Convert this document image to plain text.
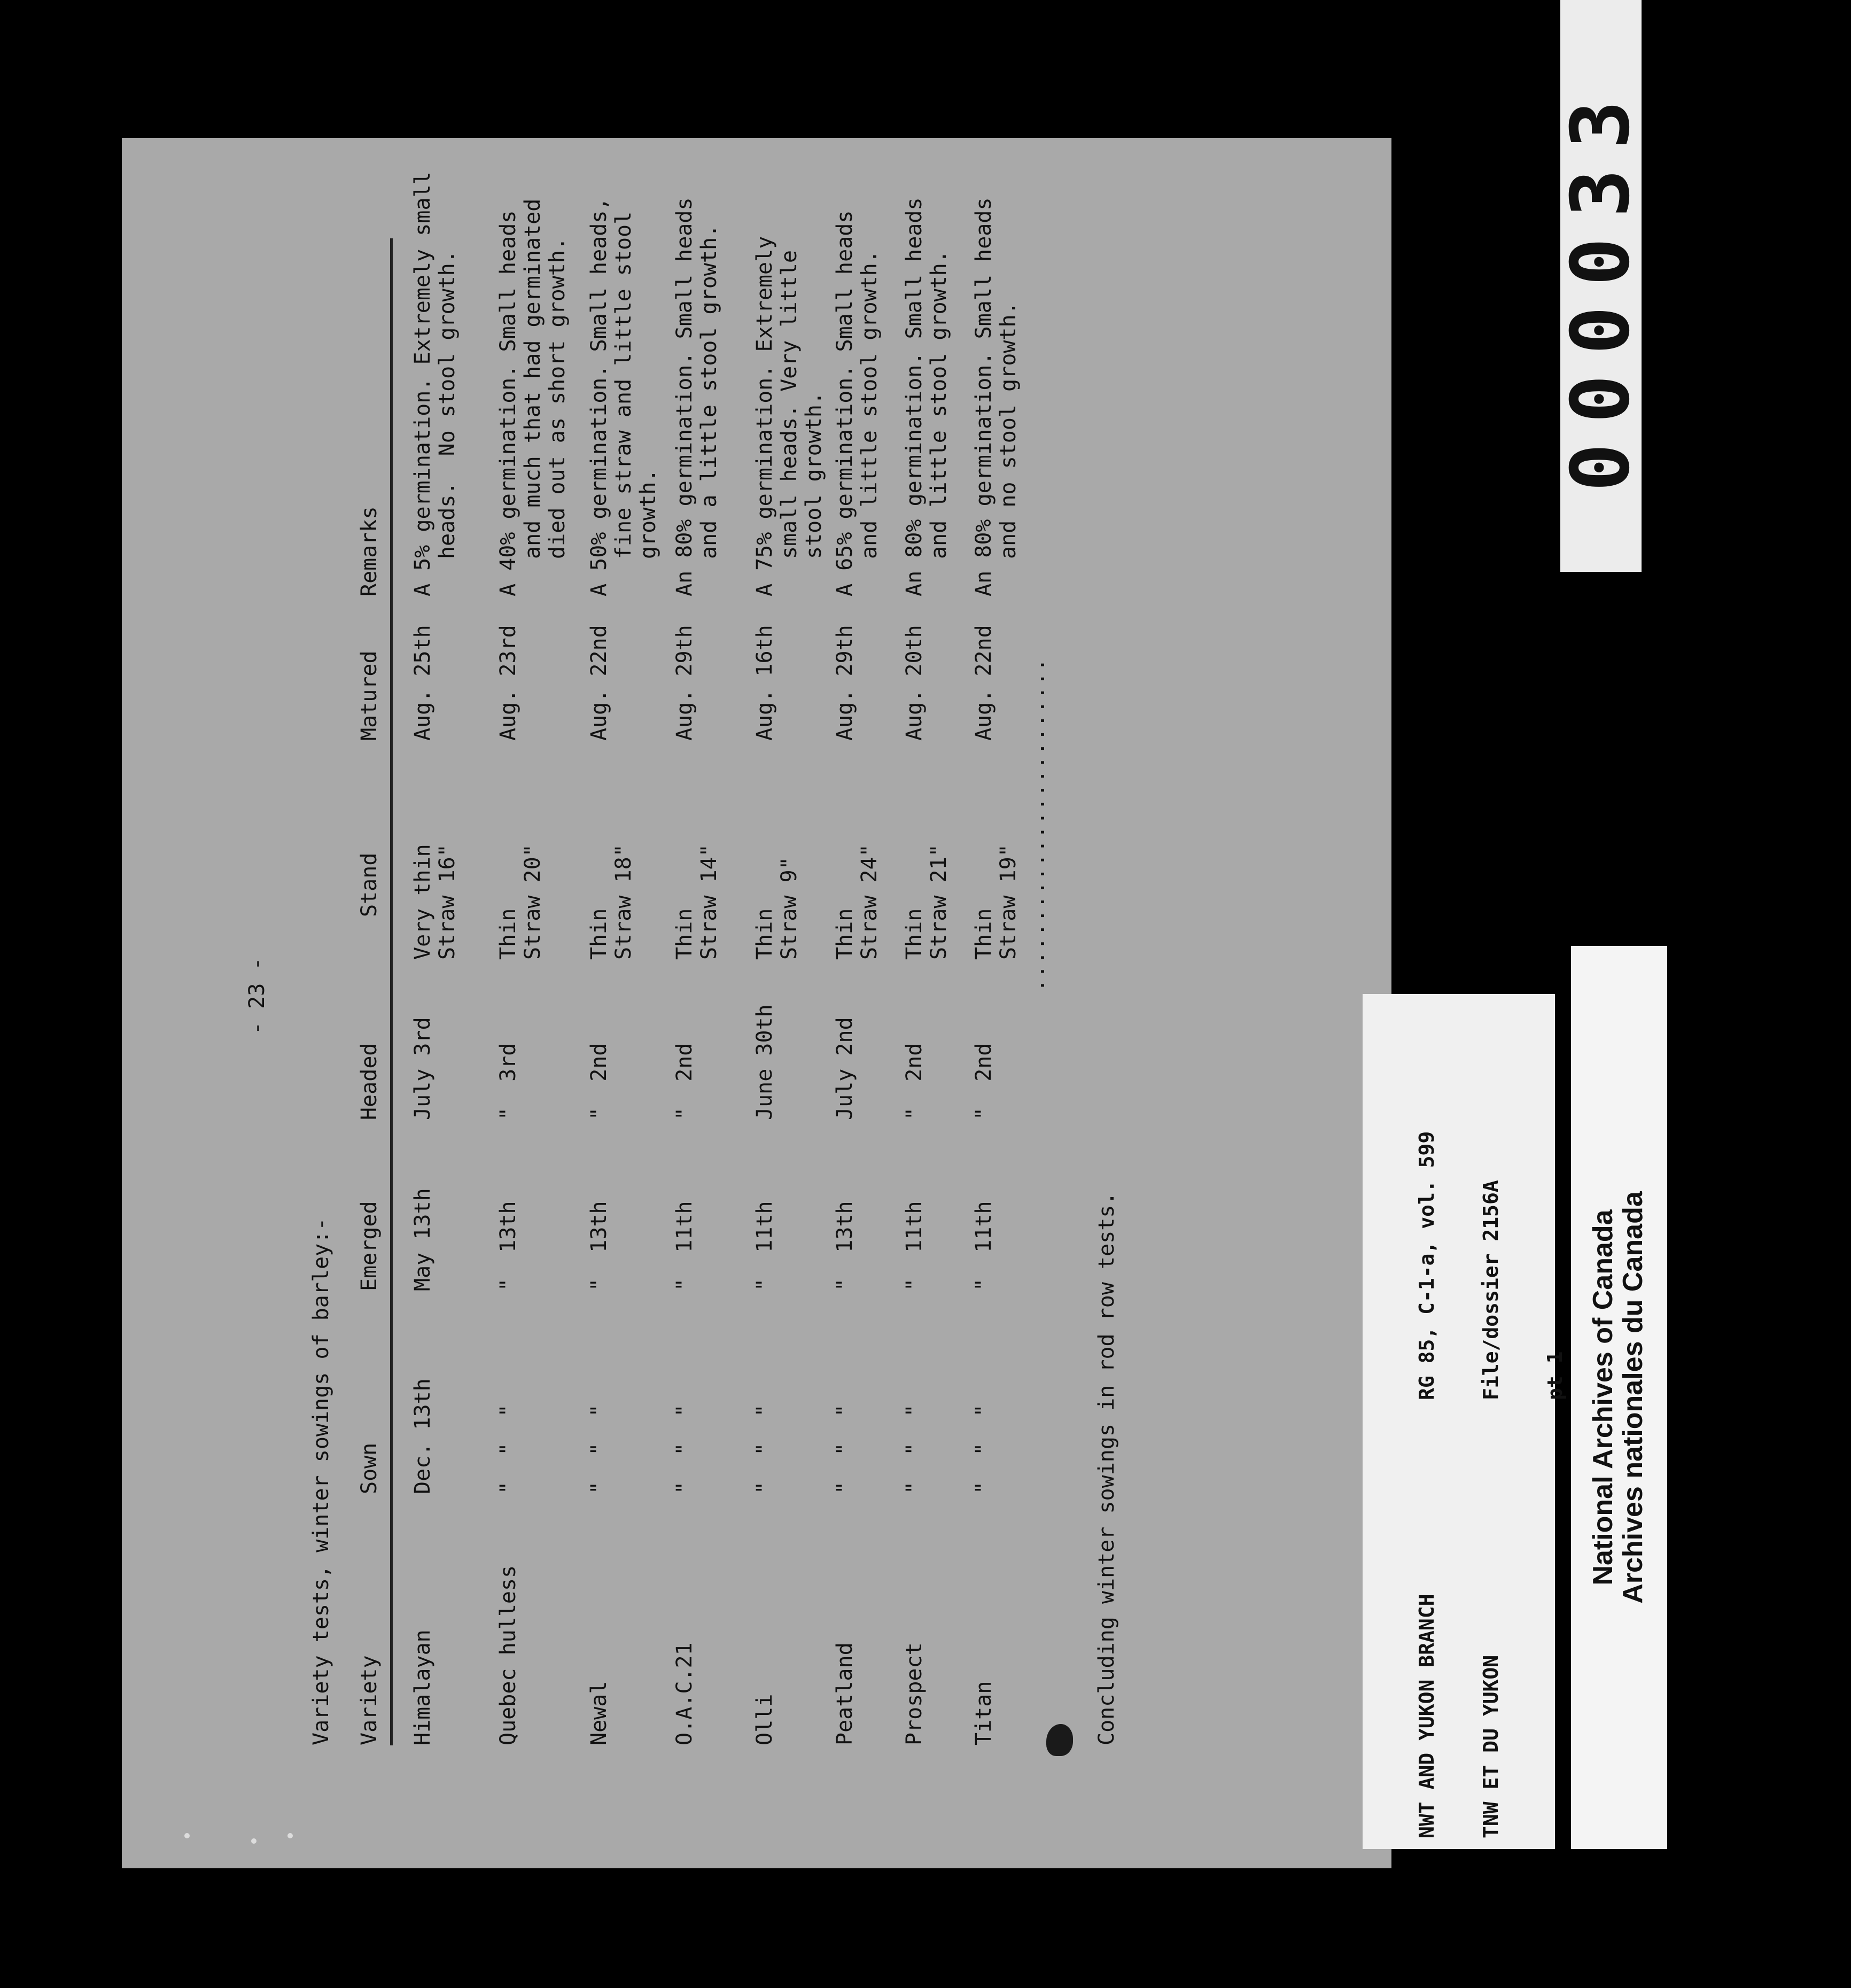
- 23 -
Variety tests, winter sowings of barley:- Variety
Sown
Emerged
Headed
Stand
Matured
Remarks
Himalayan
Dec. 13th
May 13th
July 3rd
Very thin Straw 16"
Aug. 25th
A 5% germination. Extremely small heads.  No stool growth.
Quebec hulless
"  "  "
"  13th
"  3rd
Thin Straw 20"
Aug. 23rd
A 40% germination. Small heads and much that had germinated died out as short growth.
Newal
"  "  "
"  13th
"  2nd
Thin Straw 18"
Aug. 22nd
A 50% germination. Small heads, fine straw and little stool growth.
O.A.C.21
"  "  "
"  11th
"  2nd
Thin Straw 14"
Aug. 29th
An 80% germination. Small heads and a little stool growth.
Olli
"  "  "
"  11th
June 30th
Thin Straw 9"
Aug. 16th
A 75% germination. Extremely small heads. Very little stool growth.
Peatland
"  "  "
"  13th
July 2nd
Thin Straw 24"
Aug. 29th
A 65% germination. Small heads and little stool growth.
Prospect
"  "  "
"  11th
"  2nd
Thin Straw 21"
Aug. 20th
An 80% germination. Small heads and little stool growth.
Titan
"  "  "
"  11th
"  2nd
Thin Straw 19"
Aug. 22nd
An 80% germination. Small heads and no stool growth.
........................
Concluding winter sowings in rod row tests.
000033

NWT AND YUKON BRANCH

TNW ET DU YUKON

RG 85, C-1-a, vol. 599

File/dossier 2156A

pt 1

National Archives of Canada
Archives nationales du Canada
